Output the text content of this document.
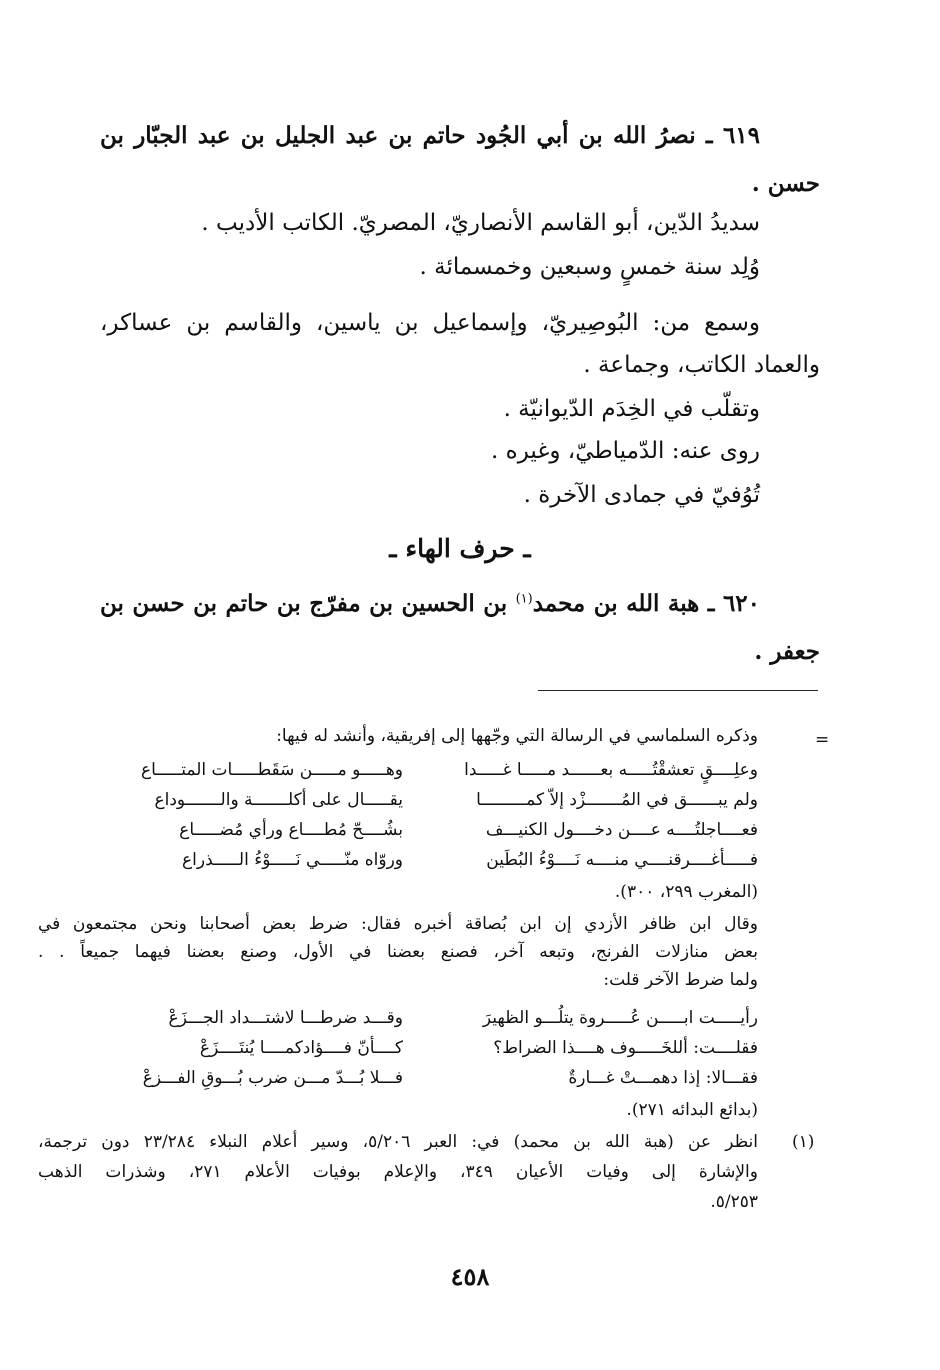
٦١٩ ـ نصرُ الله بن أبي الجُود حاتم بن عبد الجليل بن عبد الجبّار بن
حسن .
سديدُ الدّين، أبو القاسم الأنصاريّ، المصريّ. الكاتب الأديب .
وُلِد سنة خمسٍ وسبعين وخمسمائة .
وسمع من: البُوصِيريّ، وإسماعيل بن ياسين، والقاسم بن عساكر،
والعماد الكاتب، وجماعة .
وتقلّب في الخِدَم الدّيوانيّة .
روى عنه: الدّمياطيّ، وغيره .
تُوُفيّ في جمادى الآخرة .
ـ حرف الهاء ـ
٦٢٠ ـ هبة الله بن محمد$^{(١)}$ بن الحسين بن مفرّج بن حاتم بن حسن بن
جعفر .
=
وذكره السلماسي في الرسالة التي وجّهها إلى إفريقية، وأنشد له فيها:
وعلِــــقٍ تعشقْتُـــــه بعــــــد مـــــا غـــــدا
وهـــــو مـــــن سَقَطـــــات المتـــــاع
ولم يبــــــق في المُـــــــزْد إلاّ كمـــــــــا
يقـــــال على أكلـــــــة والـــــــوداع
فعــــاجلتُــــه عــــن دخــــول الكنيـــف
بشُــــحّ مُطــــاع ورأي مُضـــــاع
فـــــأغــــرقنــــي منــــه نَــــوْءُ البُطَين
وروّاه منّـــــي نَـــــوْءُ الـــــذراع
(المغرب ٢٩٩، ٣٠٠).
وقال ابن ظافر الأزدي إن ابن بُصاقة أخبره فقال: ضرط بعض أصحابنا ونحن مجتمعون في
بعض منازلات الفرنج، وتبعه آخر، فصنع بعضنا في الأول، وصنع بعضنا فيهما جميعاً . .
ولما ضرط الآخر قلت:
رأيـــــت ابـــــن عُـــــروة يتلُـــو الظهيرَ
وقـــد ضرطـــا لاشتـــداد الجـــزَعْ
فقلــــت: أللخَـــــوف هــــذا الضراط؟
كــــأنّ فــــؤادكمــــا يُنتَــــزَعْ
فقـــالا: إذا دهمـــتْ غـــارةٌ
فـــلا بُـــدّ مـــن ضرب بُـــوقِ الفـــزعْ
(بدائع البدائه ٢٧١).
(١)
انظر عن (هبة الله بن محمد) في: العبر ٥/٢٠٦، وسير أعلام النبلاء ٢٣/٢٨٤ دون ترجمة،
والإشارة إلى وفيات الأعيان ٣٤٩، والإعلام بوفيات الأعلام ٢٧١، وشذرات الذهب
٥/٢٥٣.
٤٥٨
